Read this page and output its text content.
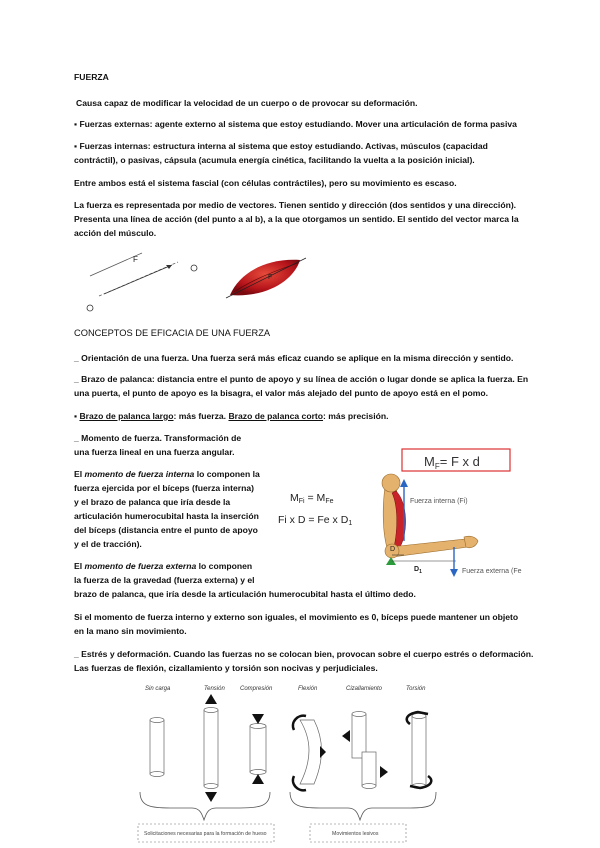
FUERZA

Causa capaz de modificar la velocidad de un cuerpo o de provocar su deformación.

▪ Fuerzas externas: agente externo al sistema que estoy estudiando. Mover una articulación de forma pasiva

▪ Fuerzas internas: estructura interna al sistema que estoy estudiando. Activas, músculos (capacidad

contráctil), o pasivas, cápsula (acumula energía cinética, facilitando la vuelta a la posición inicial).

Entre ambos está el sistema fascial (con células contráctiles), pero su movimiento es escaso.

La fuerza es representada por medio de vectores. Tienen sentido y dirección (dos sentidos y una dirección).

Presenta una línea de acción (del punto a al b), a la que otorgamos un sentido. El sentido del vector marca la

acción del músculo.

F
F

CONCEPTOS DE EFICACIA DE UNA FUERZA

_ Orientación de una fuerza. Una fuerza será más eficaz cuando se aplique en la misma dirección y sentido.

_ Brazo de palanca: distancia entre el punto de apoyo y su línea de acción o lugar donde se aplica la fuerza. En

una puerta, el punto de apoyo es la bisagra, el valor más alejado del punto de apoyo está en el pomo.

▪ Brazo de palanca largo: más fuerza. Brazo de palanca corto: más precisión.

_ Momento de fuerza. Transformación de

una fuerza lineal en una fuerza angular.

El momento de fuerza interna lo componen la

fuerza ejercida por el bíceps (fuerza interna)

y el brazo de palanca que iría desde la

articulación humerocubital hasta la inserción

del bíceps (distancia entre el punto de apoyo

y el de tracción).

El momento de fuerza externa lo componen

la fuerza de la gravedad (fuerza externa) y el

brazo de palanca, que iría desde la articulación humerocubital hasta el último dedo.

$M_F= F$ x d
MFi = MFe
Fi x D = Fe x D1
Fuerza interna (Fi)
D
$D_1$	Fuerza externa (Fe

Si el momento de fuerza interno y externo son iguales, el movimiento es 0, bíceps puede mantener un objeto

en la mano sin movimiento.

_ Estrés y deformación. Cuando las fuerzas no se colocan bien, provocan sobre el cuerpo estrés o deformación.

Las fuerzas de flexión, cizallamiento y torsión son nocivas y perjudiciales.

Sin carga	Tensión	Compresión	Flexión	Cizallamiento	Torsión
Solicitaciones necesarias para la formación de hueso	Movimientos lesivos
